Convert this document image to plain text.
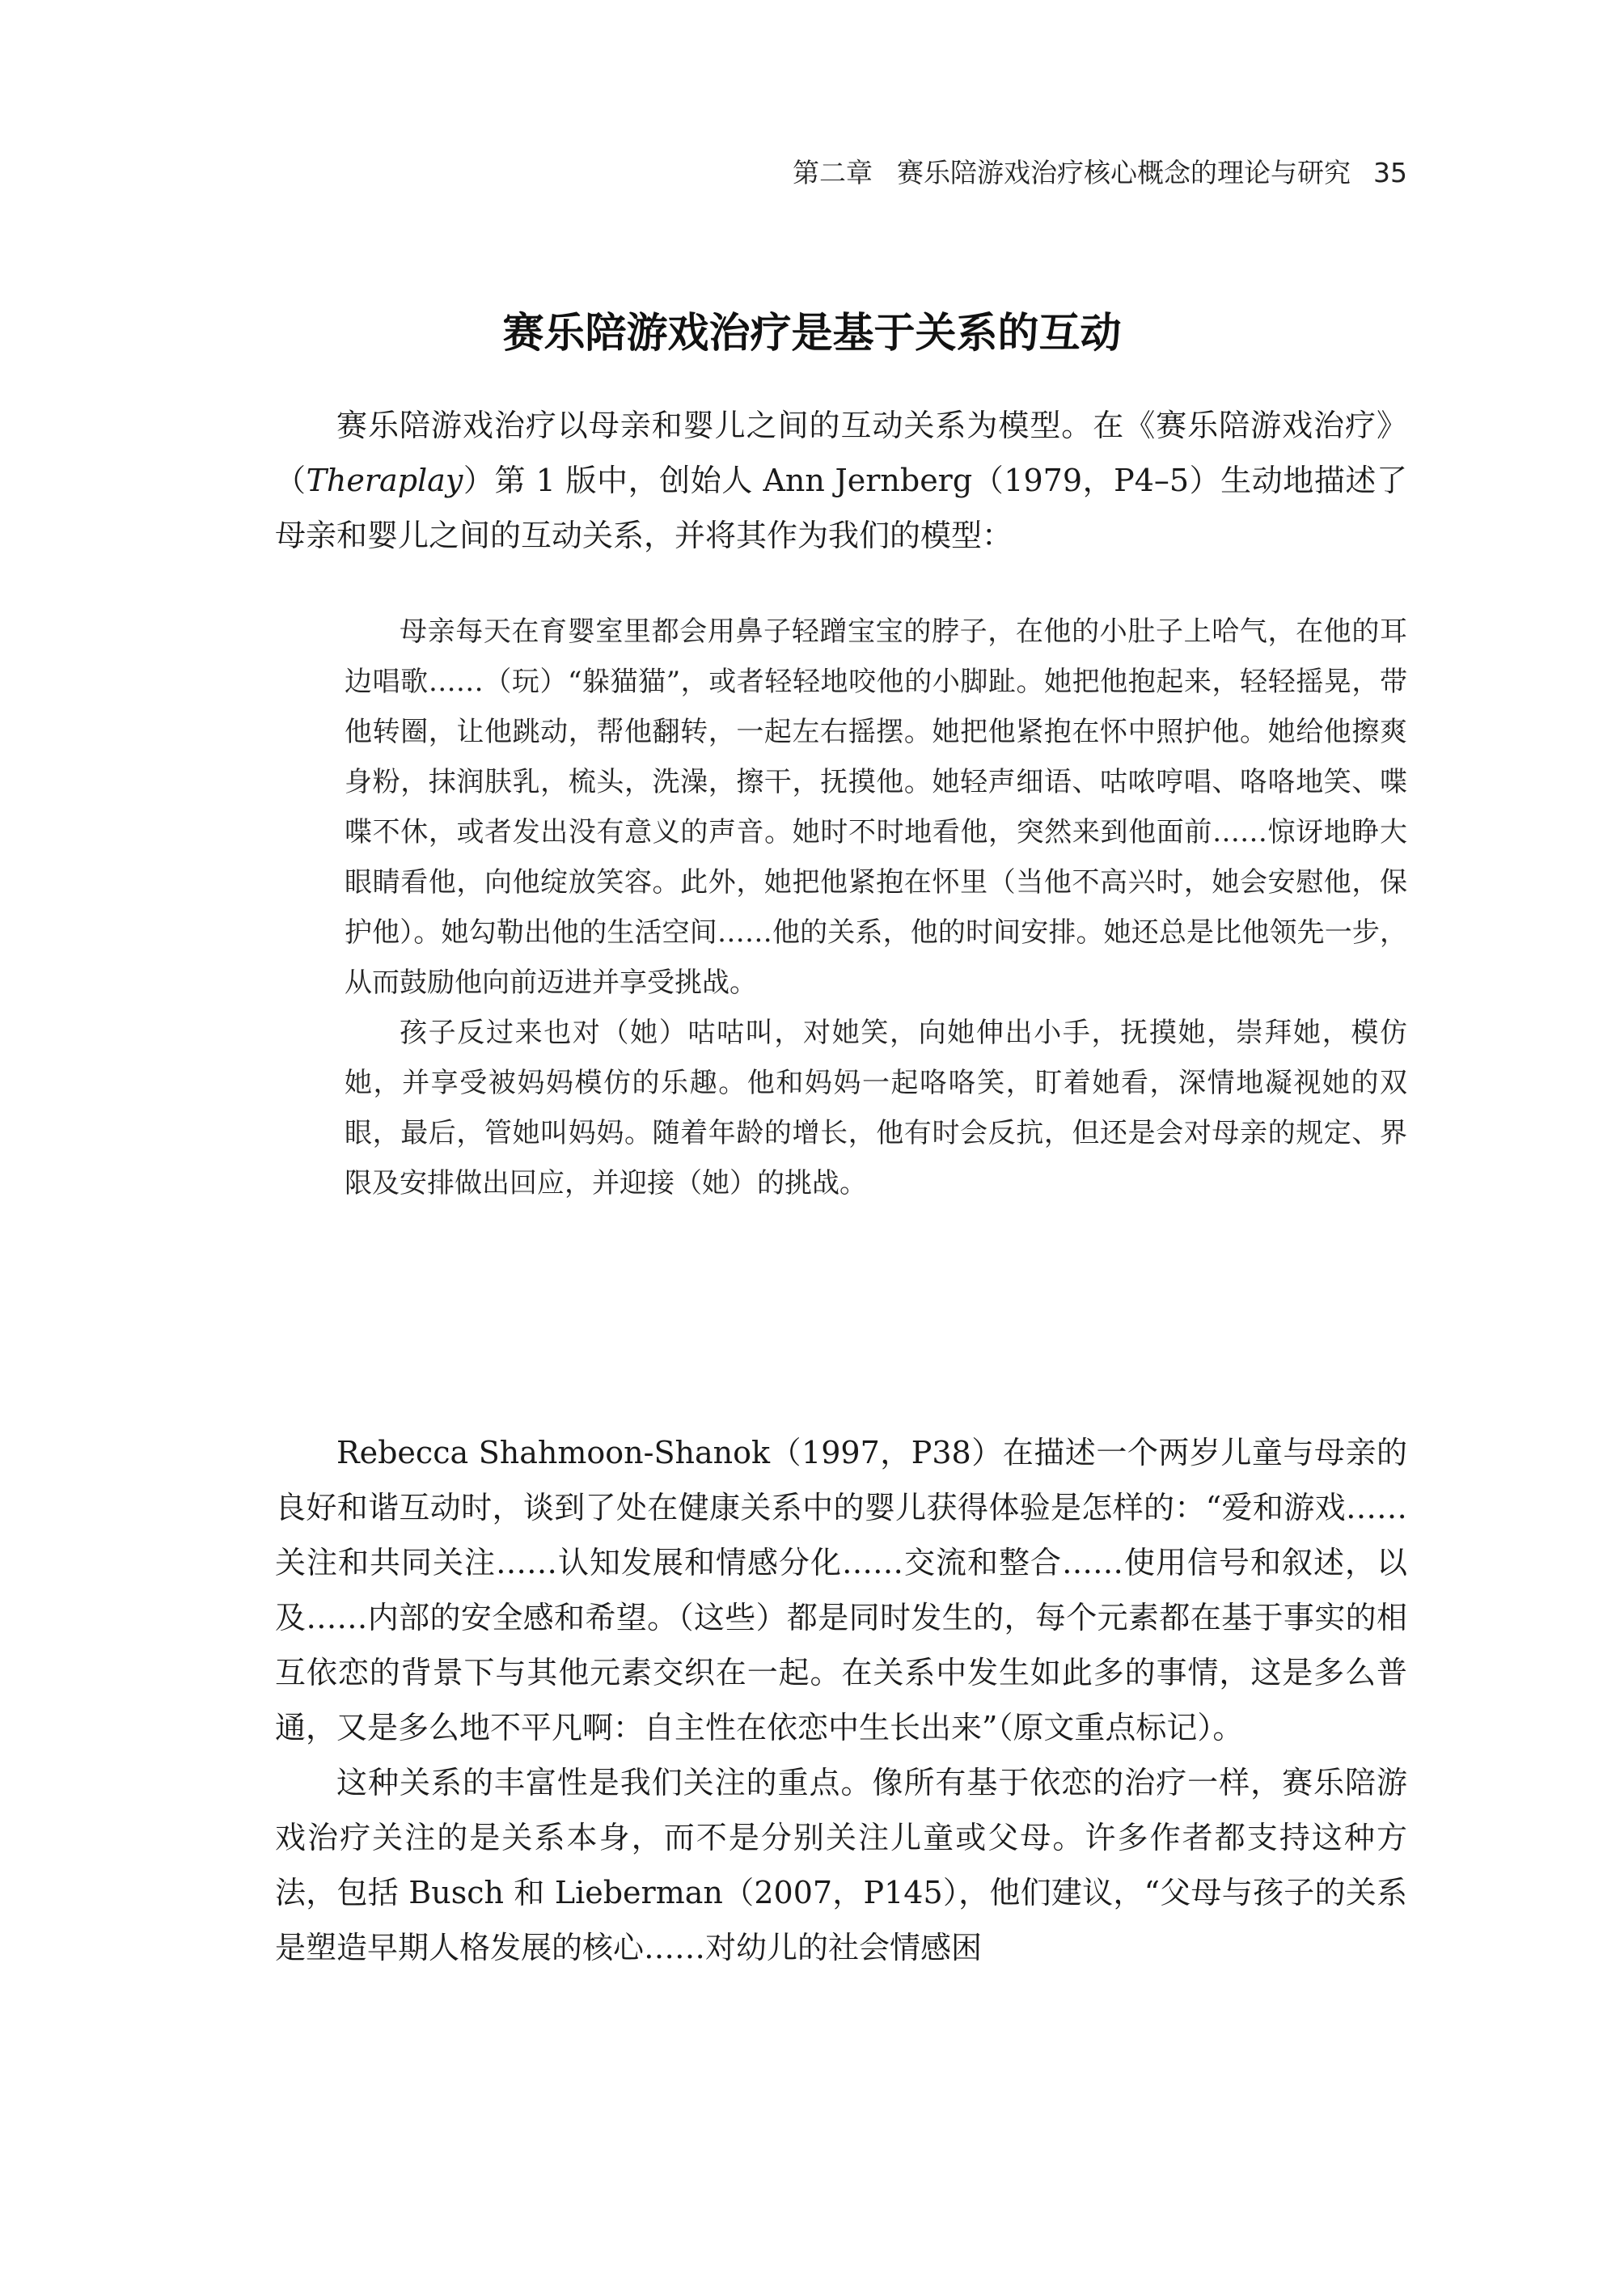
第二章 赛乐陪游戏治疗核心概念的理论与研究 35
赛乐陪游戏治疗是基于关系的互动

赛乐陪游戏治疗以母亲和婴儿之间的互动关系为模型。在《赛乐陪游戏治疗》（Theraplay）第 1 版中，创始人 Ann Jernberg（1979，P4–5）生动地描述了母亲和婴儿之间的互动关系，并将其作为我们的模型：

母亲每天在育婴室里都会用鼻子轻蹭宝宝的脖子，在他的小肚子上哈气，在他的耳边唱歌……（玩）“躲猫猫”，或者轻轻地咬他的小脚趾。她把他抱起来，轻轻摇晃，带他转圈，让他跳动，帮他翻转，一起左右摇摆。她把他紧抱在怀中照护他。她给他擦爽身粉，抹润肤乳，梳头，洗澡，擦干，抚摸他。她轻声细语、咕哝哼唱、咯咯地笑、喋喋不休，或者发出没有意义的声音。她时不时地看他，突然来到他面前……惊讶地睁大眼睛看他，向他绽放笑容。此外，她把他紧抱在怀里（当他不高兴时，她会安慰他，保护他）。她勾勒出他的生活空间……他的关系，他的时间安排。她还总是比他领先一步，从而鼓励他向前迈进并享受挑战。

孩子反过来也对（她）咕咕叫，对她笑，向她伸出小手，抚摸她，崇拜她，模仿她，并享受被妈妈模仿的乐趣。他和妈妈一起咯咯笑，盯着她看，深情地凝视她的双眼，最后，管她叫妈妈。随着年龄的增长，他有时会反抗，但还是会对母亲的规定、界限及安排做出回应，并迎接（她）的挑战。

Rebecca Shahmoon-Shanok（1997，P38）在描述一个两岁儿童与母亲的良好和谐互动时，谈到了处在健康关系中的婴儿获得体验是怎样的：“爱和游戏……关注和共同关注……认知发展和情感分化……交流和整合……使用信号和叙述，以及……内部的安全感和希望。（这些）都是同时发生的，每个元素都在基于事实的相互依恋的背景下与其他元素交织在一起。在关系中发生如此多的事情，这是多么普通，又是多么地不平凡啊：自主性在依恋中生长出来”（原文重点标记）。

这种关系的丰富性是我们关注的重点。像所有基于依恋的治疗一样，赛乐陪游戏治疗关注的是关系本身，而不是分别关注儿童或父母。许多作者都支持这种方法，包括 Busch 和 Lieberman（2007，P145），他们建议，“父母与孩子的关系是塑造早期人格发展的核心……对幼儿的社会情感困
